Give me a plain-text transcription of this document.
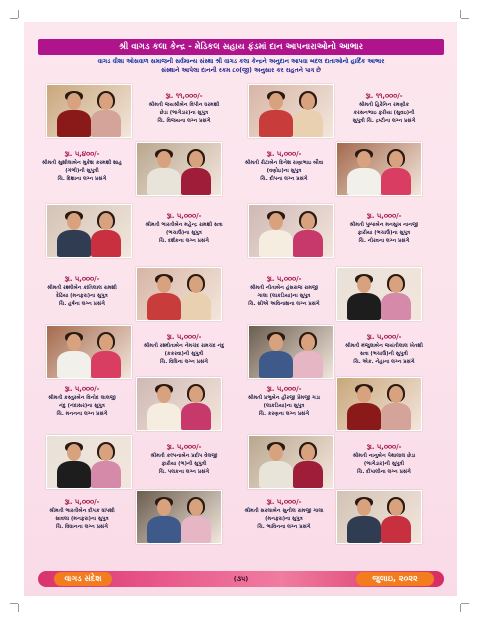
શ્રી વાગડ કલા કેન્દ્ર - મેડિકલ સહાય ફંડમાં દાન આપનારાઓનો આભાર
વાગડ વીશા ઓસવાળ સમાજની સર્વમાન્ય સંસ્થા શ્રી વાગડ કલા કેન્દ્રને અનુદાન આપવા બદલ દાતાઓનો હાર્દિક આભાર
સંસ્થાને આપેલા દાનની રકમ ૮૦(જી) અનુસાર કર રાહતને પાત્ર છે
રૂા. ૧૧,૦૦૦/-
શ્રીમતી જયશ્રીબેન વિપીન ધરમશી
છેડા (ભાગેડાર)ના સુપુત્ર
ચિ. વિજયના લગ્ન પ્રસંગે
રૂા. ૧૧,૦૦૦/-
શ્રીમતી હિરેનિન રમણીક
કરસનભાઇ ફરીયા (સુવઇ)ની
સુપુત્રી ચિ. દ્રષ્ટીના લગ્ન પ્રસંગે
રૂા. ૫,૪૦૦/-
શ્રીમતી સુશીલાબેન મુકેશ કરમશી શાહ
(ગંભી)ની સુપુત્રી
ચિ. દિશાના લગ્ન પ્રસંગે
રૂા. ૫,૦૦૦/-
શ્રીમતી રીટાબેન દિનેશ રાણાભાઇ બૌવા
(વણોઇ)ના સુપુત્ર
ચિ. દીપના લગ્ન પ્રસંગે
રૂા. ૫,૦૦૦/-
શ્રીમતી ભારતીબેન મહેન્દ્ર રામશી સત્રા
(ભચાઉ)ના સુપુત્ર
ચિ. દર્શકના લગ્ન પ્રસંગે
રૂા. ૫,૦૦૦/-
શ્રીમતી પુષ્પાબેન મનસુખ નાનજી
ફારીયા (ભચાઉ)ના સુપુત્ર
ચિ. નીરવના લગ્ન પ્રસંગે
રૂા. ૫,૦૦૦/-
શ્રીમતી રશ્મીબેન કાંતિલાલ રામશી
દેઢિયા (મનફરા)ના સુપુત્ર
ચિ. હર્ષના લગ્ન પ્રસંગે
રૂા. ૫,૦૦૦/-
શ્રીમતી નીતાબેન હંસરાજ રામજી
ગાલા (લાકડિયા)ના સુપુત્ર
ચિ. સીએ અવિનાશના લગ્ન પ્રસંગે
રૂા. ૫,૦૦૦/-
શ્રીમતી રશ્મીતાબેન નેમચંદ રામચંદ નંદુ
(કકરવા)ની સુપુત્રી
ચિ. વિધિના લગ્ન પ્રસંગે
રૂા. ૫,૦૦૦/-
શ્રીમતી મંજુલાબેન જયંતીલાલ ખેતશી
સત્રા (ભચાઉ)ની સુપુત્રી
ચિ. એક. નેહાના લગ્ન પ્રસંગે
રૂા. ૫,૦૦૦/-
શ્રીમતી કસ્તુરબેન વિનોદ લાલજી
નંદુ (નંદાસર)ના સુપુત્ર
ચિ. મનનના લગ્ન પ્રસંગે
રૂા. ૫,૦૦૦/-
શ્રીમતી પ્રભુબેન હીરજી પ્રેમજી ગડા
(લાકડિયા)ના સુપુત્ર
ચિ. કરણના લગ્ન પ્રસંગે
રૂા. ૫,૦૦૦/-
શ્રીમતી કલ્પનાબેન પ્રદીપ વેલજી
ફારીયા (ભ)ની સુપુત્રી
ચિ. પલકના લગ્ન પ્રસંગે
રૂા. ૫,૦૦૦/-
શ્રીમતી નાનુબેન પેથાલાલ છેડા
(ભાગેડાર)ની સુપુત્રી
ચિ. દીપાલીના લગ્ન પ્રસંગે
રૂા. ૫,૦૦૦/-
શ્રીમતી ભારતીબેન દીપક ધાંપશી
સાવલા (મનફરા)ના સુપુત્ર
ચિ. વિધાનના લગ્ન પ્રસંગે
રૂા. ૫,૦૦૦/-
શ્રીમતી સરલાબેન સુનીલ રામજી ગાલા
(મનફરા)ના સુપુત્ર
ચિ. ભાવિનના લગ્ન પ્રસંગે
વાગડ સંદેશ	(૩૫)	જુલાઇ, ૨૦૨૨
